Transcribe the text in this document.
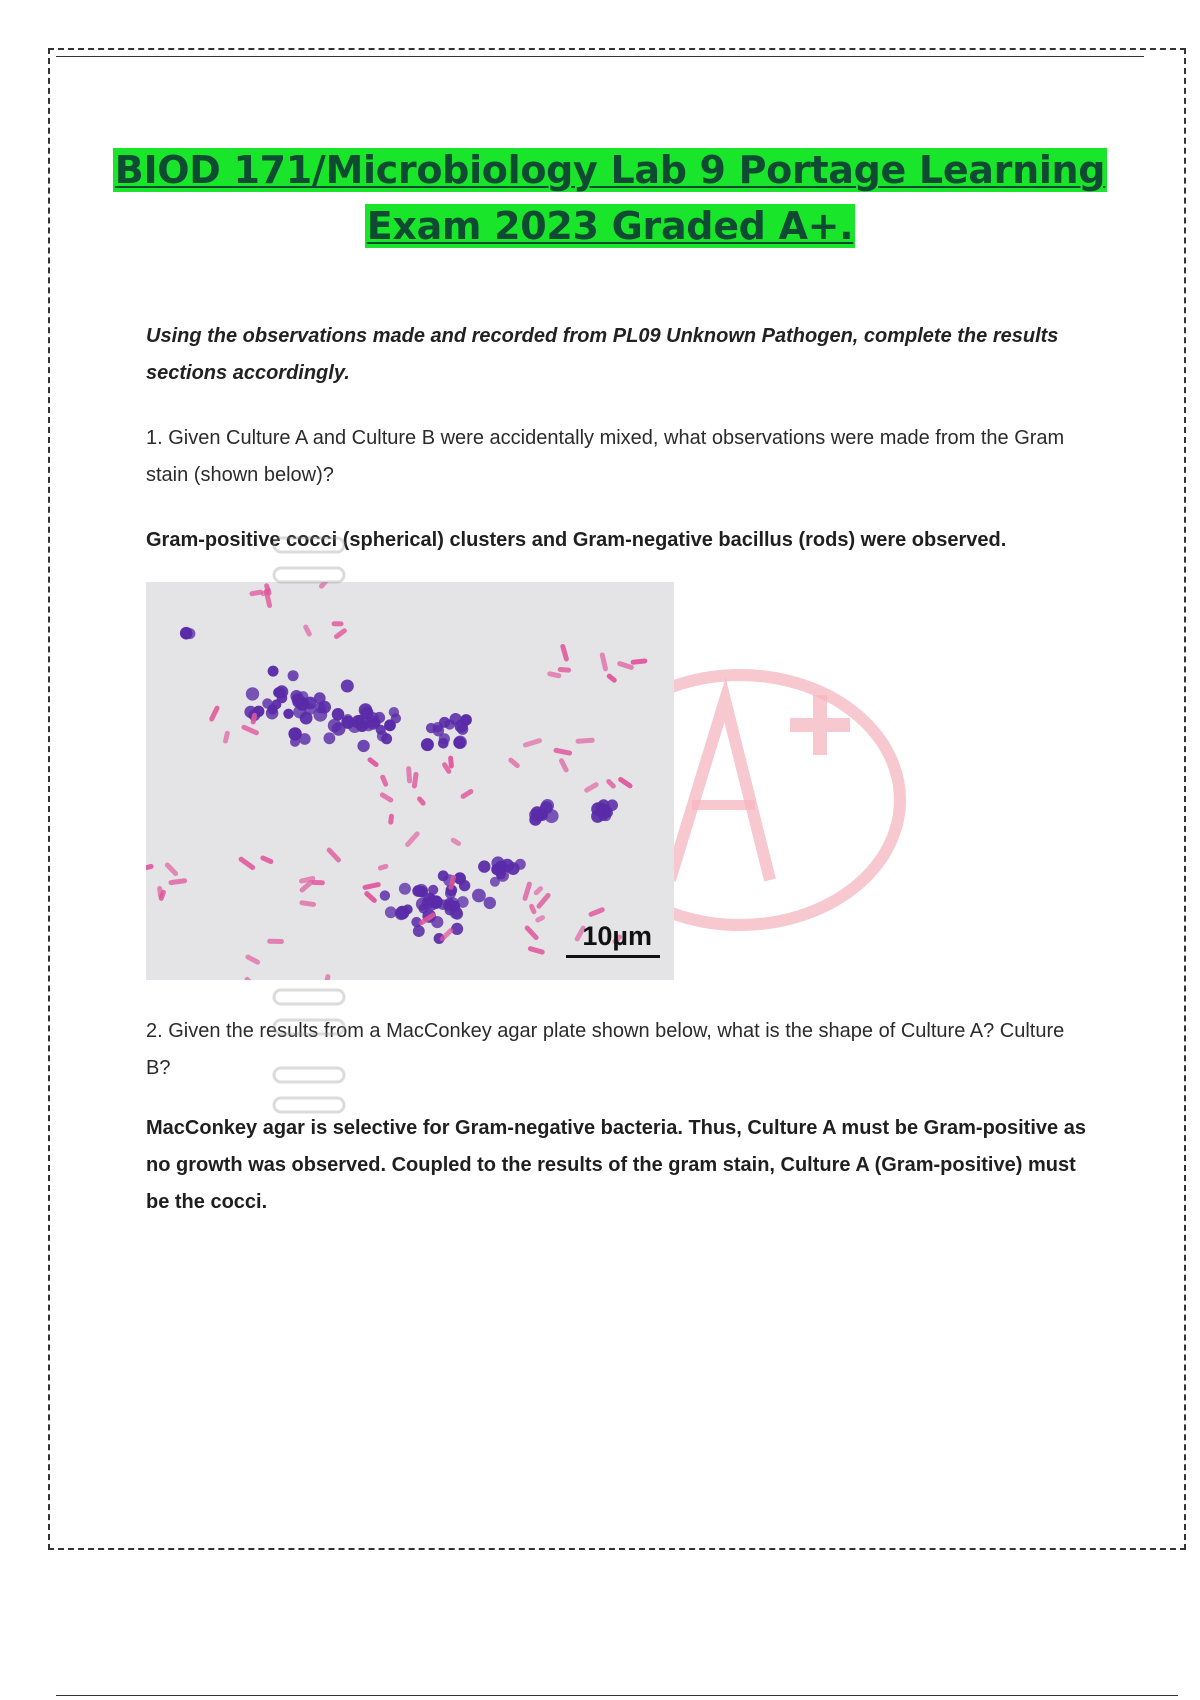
BIOD 171/Microbiology Lab 9 Portage Learning
Exam 2023 Graded A+.

Using the observations made and recorded from PL09 Unknown Pathogen, complete the results sections accordingly.

1. Given Culture A and Culture B were accidentally mixed, what observations were made from the Gram stain (shown below)?

Gram-positive cocci (spherical) clusters and Gram-negative bacillus (rods) were observed.

10µm

2. Given the results from a MacConkey agar plate shown below, what is the shape of Culture A? Culture B?

MacConkey agar is selective for Gram-negative bacteria. Thus, Culture A must be Gram-positive as no growth was observed. Coupled to the results of the gram stain, Culture A (Gram-positive) must be the cocci.
